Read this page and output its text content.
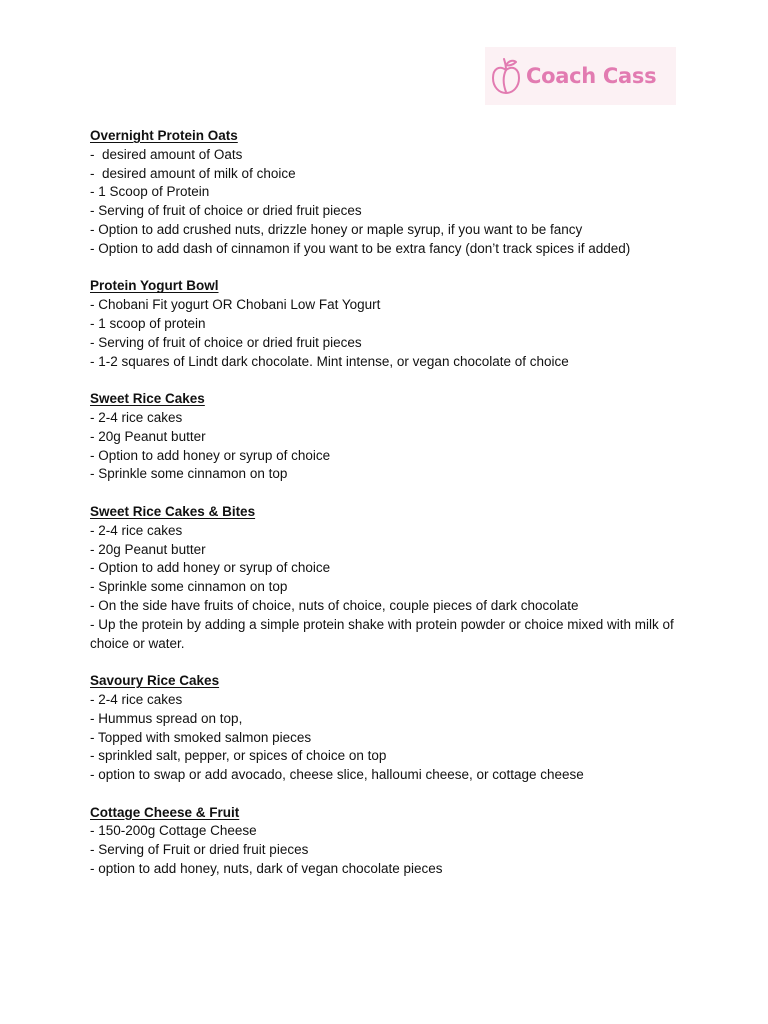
Coach Cass
Overnight Protein Oats
-  desired amount of Oats
-  desired amount of milk of choice
- 1 Scoop of Protein
- Serving of fruit of choice or dried fruit pieces
- Option to add crushed nuts, drizzle honey or maple syrup, if you want to be fancy
- Option to add dash of cinnamon if you want to be extra fancy (don’t track spices if added)
Protein Yogurt Bowl
- Chobani Fit yogurt OR Chobani Low Fat Yogurt
- 1 scoop of protein
- Serving of fruit of choice or dried fruit pieces
- 1-2 squares of Lindt dark chocolate. Mint intense, or vegan chocolate of choice
Sweet Rice Cakes
- 2-4 rice cakes
- 20g Peanut butter
- Option to add honey or syrup of choice
- Sprinkle some cinnamon on top
Sweet Rice Cakes & Bites
- 2-4 rice cakes
- 20g Peanut butter
- Option to add honey or syrup of choice
- Sprinkle some cinnamon on top
- On the side have fruits of choice, nuts of choice, couple pieces of dark chocolate
- Up the protein by adding a simple protein shake with protein powder or choice mixed with milk of choice or water.
Savoury Rice Cakes
- 2-4 rice cakes
- Hummus spread on top,
- Topped with smoked salmon pieces
- sprinkled salt, pepper, or spices of choice on top
- option to swap or add avocado, cheese slice, halloumi cheese, or cottage cheese
Cottage Cheese & Fruit
- 150-200g Cottage Cheese
- Serving of Fruit or dried fruit pieces
- option to add honey, nuts, dark of vegan chocolate pieces
